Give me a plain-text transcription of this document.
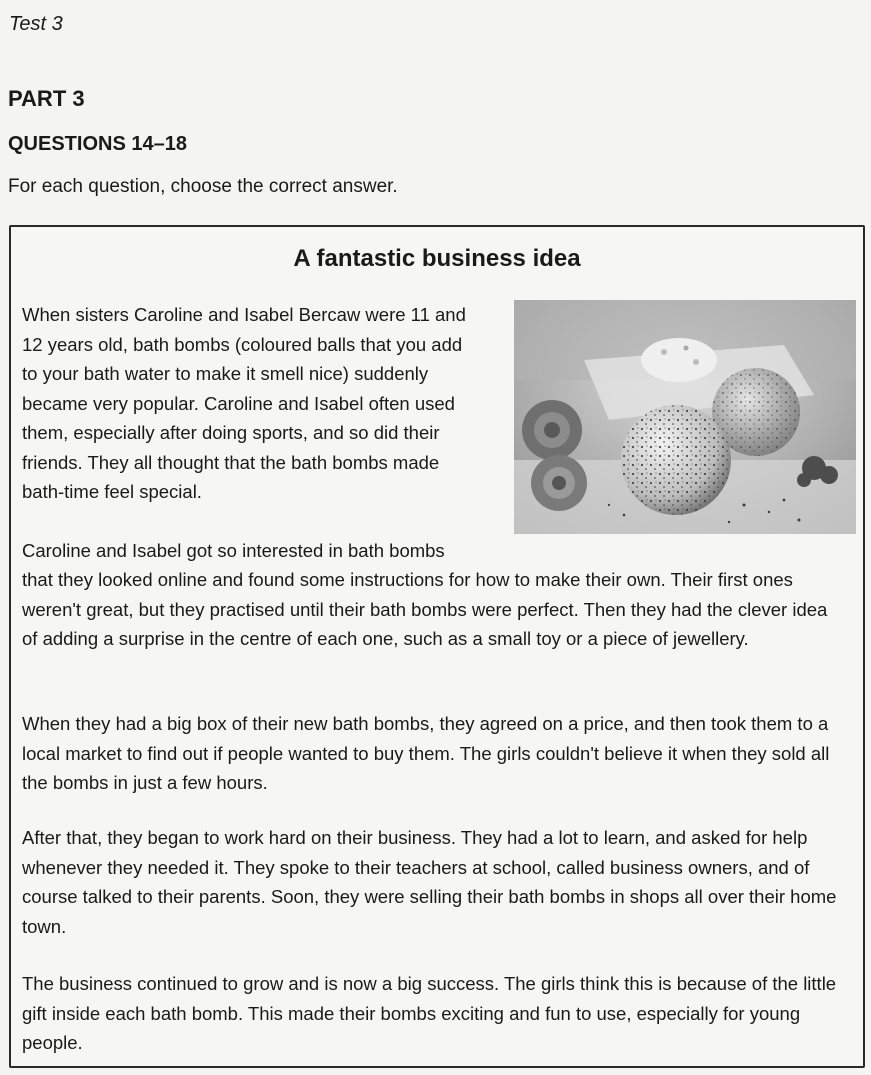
Test 3
PART 3
QUESTIONS 14–18
For each question, choose the correct answer.
A fantastic business idea

When sisters Caroline and Isabel Bercaw were 11 and 12 years old, bath bombs (coloured balls that you add to your bath water to make it smell nice) suddenly became very popular. Caroline and Isabel often used them, especially after doing sports, and so did their friends. They all thought that the bath bombs made bath-time feel special.

Caroline and Isabel got so interested in bath bombs

that they looked online and found some instructions for how to make their own. Their first ones weren't great, but they practised until their bath bombs were perfect. Then they had the clever idea of adding a surprise in the centre of each one, such as a small toy or a piece of jewellery.

When they had a big box of their new bath bombs, they agreed on a price, and then took them to a local market to find out if people wanted to buy them. The girls couldn't believe it when they sold all the bombs in just a few hours.

After that, they began to work hard on their business. They had a lot to learn, and asked for help whenever they needed it. They spoke to their teachers at school, called business owners, and of course talked to their parents. Soon, they were selling their bath bombs in shops all over their home town.

The business continued to grow and is now a big success. The girls think this is because of the little gift inside each bath bomb. This made their bombs exciting and fun to use, especially for young people.
